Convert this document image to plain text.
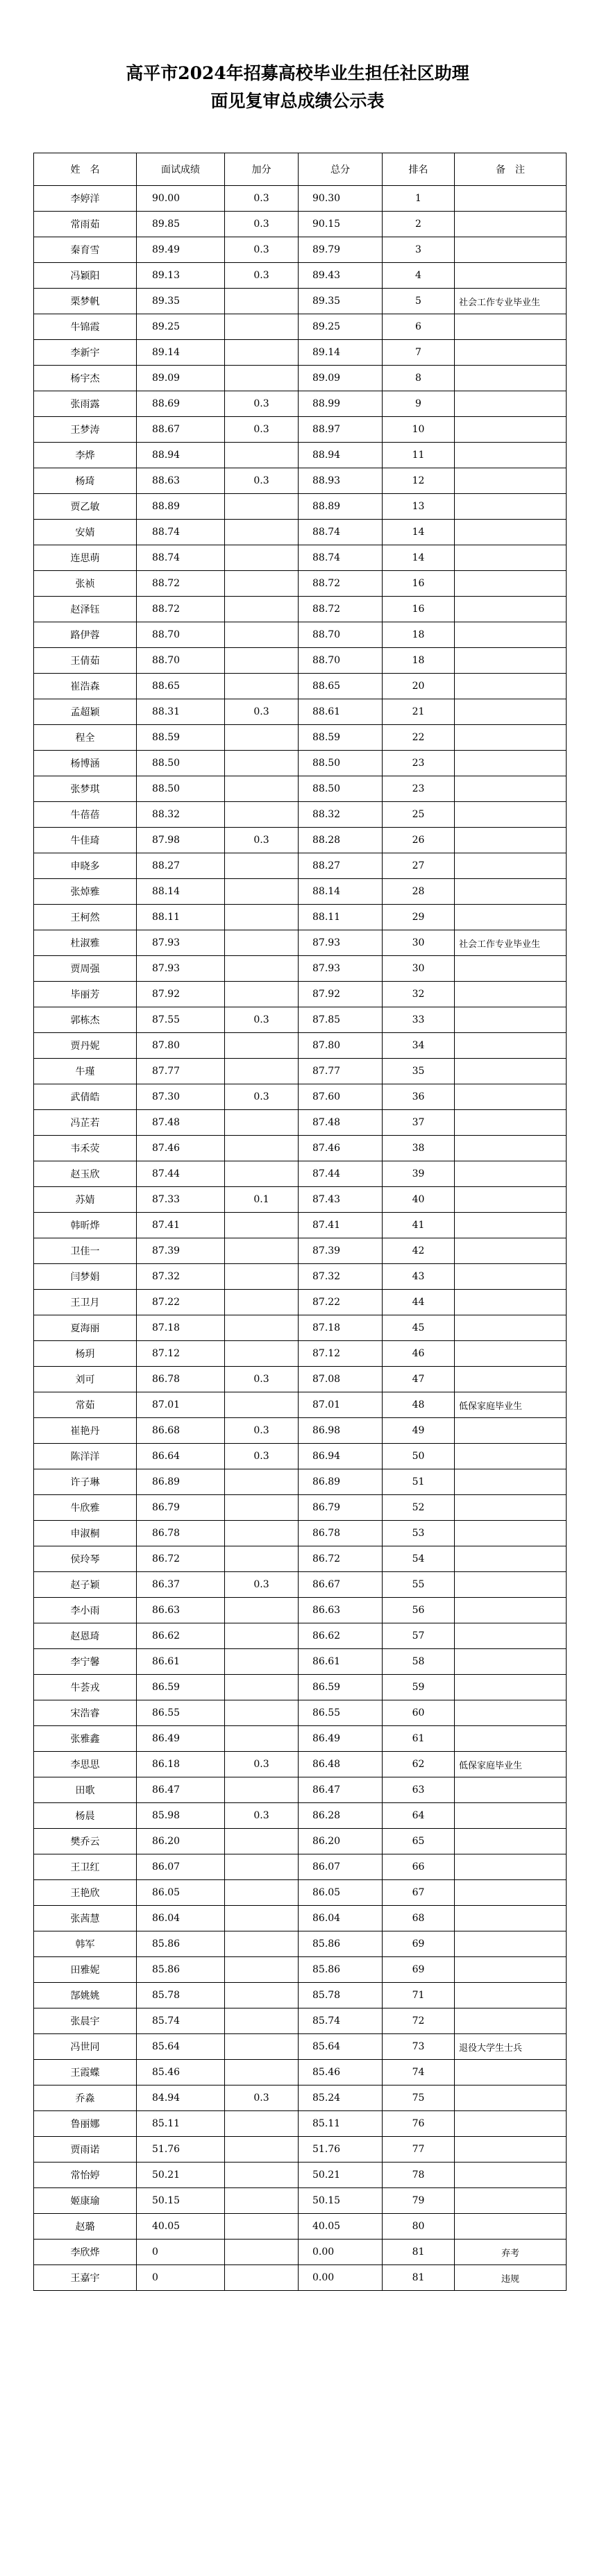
高平市2024年招募高校毕业生担任社区助理
面见复审总成绩公示表
姓　名	面试成绩	加分	总分	排名	备　注
李婷洋	90.00	0.3	90.30	1	
常雨茹	89.85	0.3	90.15	2	
秦育雪	89.49	0.3	89.79	3	
冯颖阳	89.13	0.3	89.43	4	
栗梦帆	89.35		89.35	5	社会工作专业毕业生
牛锦霞	89.25		89.25	6	
李新宇	89.14		89.14	7	
杨宇杰	89.09		89.09	8	
张雨露	88.69	0.3	88.99	9	
王梦涛	88.67	0.3	88.97	10	
李烨	88.94		88.94	11	
杨琦	88.63	0.3	88.93	12	
贾乙敏	88.89		88.89	13	
安婧	88.74		88.74	14	
连思萌	88.74		88.74	14	
张祯	88.72		88.72	16	
赵泽钰	88.72		88.72	16	
路伊蓉	88.70		88.70	18	
王倩茹	88.70		88.70	18	
崔浩森	88.65		88.65	20	
孟超颖	88.31	0.3	88.61	21	
程全	88.59		88.59	22	
杨博涵	88.50		88.50	23	
张梦琪	88.50		88.50	23	
牛蓓蓓	88.32		88.32	25	
牛佳琦	87.98	0.3	88.28	26	
申晓多	88.27		88.27	27	
张焯雅	88.14		88.14	28	
王柯然	88.11		88.11	29	
杜淑雅	87.93		87.93	30	社会工作专业毕业生
贾周强	87.93		87.93	30	
毕丽芳	87.92		87.92	32	
郭栋杰	87.55	0.3	87.85	33	
贾丹妮	87.80		87.80	34	
牛瑾	87.77		87.77	35	
武倩皓	87.30	0.3	87.60	36	
冯芷若	87.48		87.48	37	
韦禾荧	87.46		87.46	38	
赵玉欣	87.44		87.44	39	
苏婧	87.33	0.1	87.43	40	
韩昕烨	87.41		87.41	41	
卫佳一	87.39		87.39	42	
闫梦娟	87.32		87.32	43	
王卫月	87.22		87.22	44	
夏海丽	87.18		87.18	45	
杨玥	87.12		87.12	46	
刘可	86.78	0.3	87.08	47	
常茹	87.01		87.01	48	低保家庭毕业生
崔艳丹	86.68	0.3	86.98	49	
陈洋洋	86.64	0.3	86.94	50	
许子琳	86.89		86.89	51	
牛欣雅	86.79		86.79	52	
申淑桐	86.78		86.78	53	
侯玲琴	86.72		86.72	54	
赵子颖	86.37	0.3	86.67	55	
李小雨	86.63		86.63	56	
赵恩琦	86.62		86.62	57	
李宁馨	86.61		86.61	58	
牛荟戎	86.59		86.59	59	
宋浩睿	86.55		86.55	60	
张雅鑫	86.49		86.49	61	
李思思	86.18	0.3	86.48	62	低保家庭毕业生
田歌	86.47		86.47	63	
杨晨	85.98	0.3	86.28	64	
樊乔云	86.20		86.20	65	
王卫红	86.07		86.07	66	
王艳欣	86.05		86.05	67	
张茜慧	86.04		86.04	68	
韩军	85.86		85.86	69	
田雅妮	85.86		85.86	69	
郜姚姚	85.78		85.78	71	
张晨宇	85.74		85.74	72	
冯世同	85.64		85.64	73	退役大学生士兵
王霞蝶	85.46		85.46	74	
乔淼	84.94	0.3	85.24	75	
鲁丽娜	85.11		85.11	76	
贾雨诺	51.76		51.76	77	
常怡婷	50.21		50.21	78	
姬康瑜	50.15		50.15	79	
赵璐	40.05		40.05	80	
李欣烨	0		0.00	81	弃考
王嘉宇	0		0.00	81	违规
